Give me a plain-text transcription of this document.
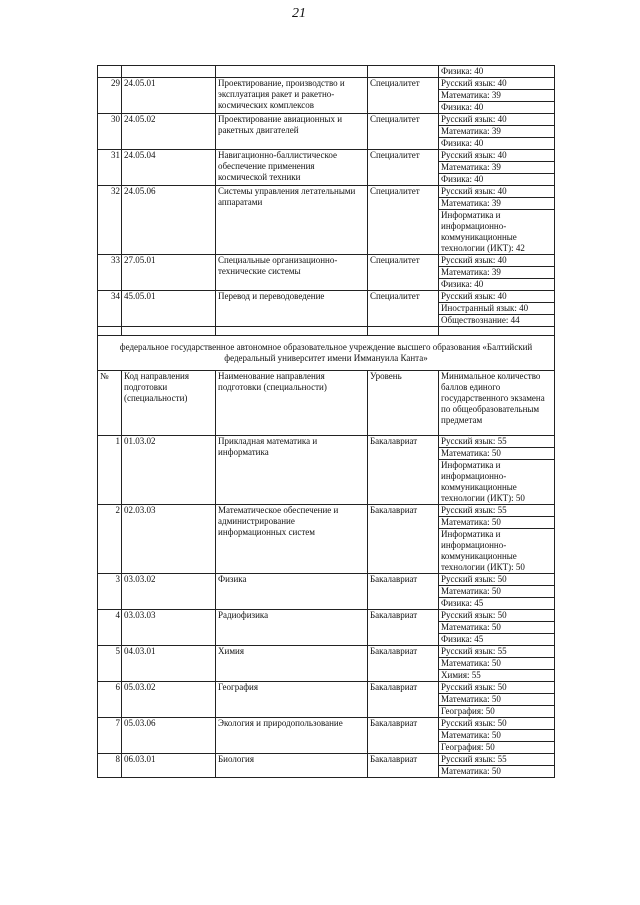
21
				Физика: 40
29	24.05.01	Проектирование, производство и эксплуатация ракет и ракетно-космических комплексов	Специалитет	Русский язык: 40
				Математика: 39
				Физика: 40
30	24.05.02	Проектирование авиационных и ракетных двигателей	Специалитет	Русский язык: 40
				Математика: 39
				Физика: 40
31	24.05.04	Навигационно-баллистическое обеспечение применения космической техники	Специалитет	Русский язык: 40
				Математика: 39
				Физика: 40
32	24.05.06	Системы управления летательными аппаратами	Специалитет	Русский язык: 40
				Математика: 39
				Информатика и информационно-коммуникационные технологии (ИКТ): 42
33	27.05.01	Специальные организационно-технические системы	Специалитет	Русский язык: 40
				Математика: 39
				Физика: 40
34	45.05.01	Перевод и переводоведение	Специалитет	Русский язык: 40
				Иностранный язык: 40
				Обществознание: 44

федеральное государственное автономное образовательное учреждение высшего образования «Балтийский федеральный университет имени Иммануила Канта»				
№	Код направления подготовки (специальности)	Наименование направления подготовки (специальности)	Уровень	Минимальное количество баллов единого государственного экзамена по общеобразовательным предметам
1	01.03.02	Прикладная математика и информатика	Бакалавриат	Русский язык: 55
				Математика: 50
				Информатика и информационно-коммуникационные технологии (ИКТ): 50
2	02.03.03	Математическое обеспечение и администрирование информационных систем	Бакалавриат	Русский язык: 55
				Математика: 50
				Информатика и информационно-коммуникационные технологии (ИКТ): 50
3	03.03.02	Физика	Бакалавриат	Русский язык: 50
				Математика: 50
				Физика: 45
4	03.03.03	Радиофизика	Бакалавриат	Русский язык: 50
				Математика: 50
				Физика: 45
5	04.03.01	Химия	Бакалавриат	Русский язык: 55
				Математика: 50
				Химия: 55
6	05.03.02	География	Бакалавриат	Русский язык: 50
				Математика: 50
				География: 50
7	05.03.06	Экология и природопользование	Бакалавриат	Русский язык: 50
				Математика: 50
				География: 50
8	06.03.01	Биология	Бакалавриат	Русский язык: 55
				Математика: 50
